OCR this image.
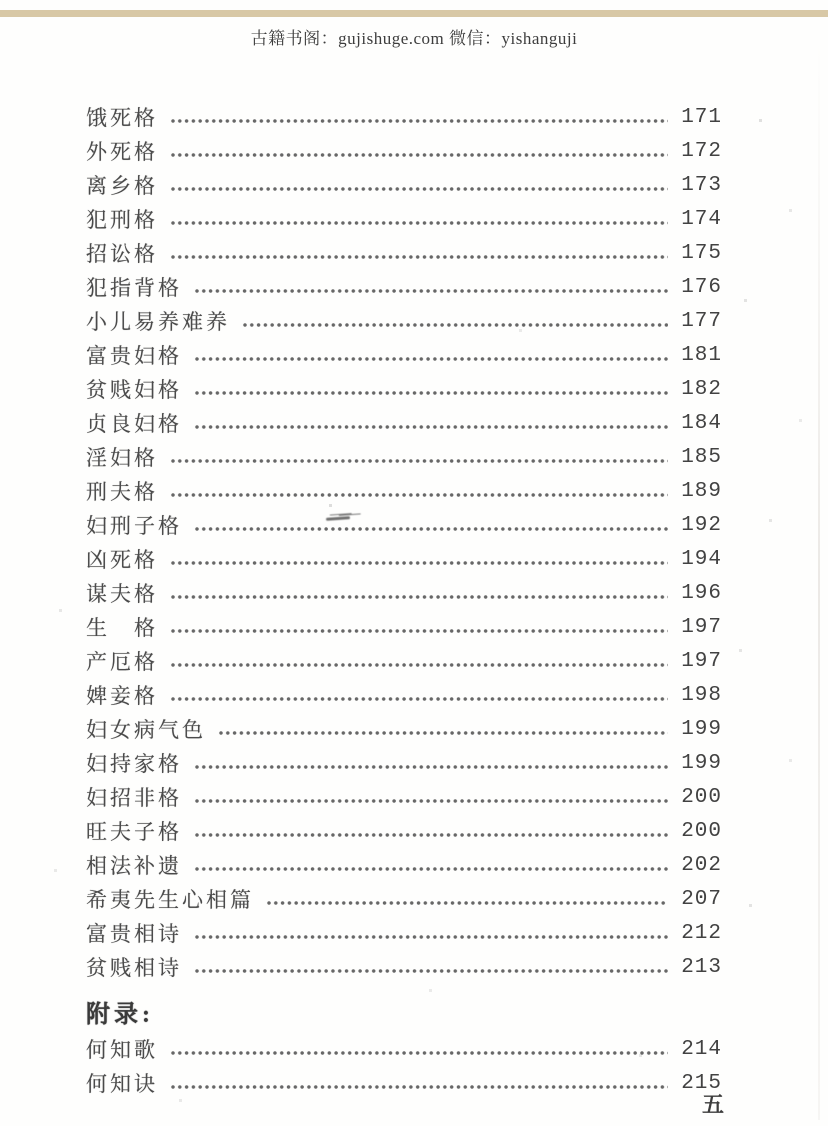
古籍书阁：gujishuge.com 微信：yishanguji
饿死格	171
外死格	172
离乡格	173
犯刑格	174
招讼格	175
犯指背格	176
小儿易养难养	177
富贵妇格	181
贫贱妇格	182
贞良妇格	184
淫妇格	185
刑夫格	189
妇刑子格	192
凶死格	194
谋夫格	196
生　格	197
产厄格	197
婢妾格	198
妇女病气色	199
妇持家格	199
妇招非格	200
旺夫子格	200
相法补遗	202
希夷先生心相篇	207
富贵相诗	212
贫贱相诗	213
附录:
何知歌	214
何知诀	215
五
